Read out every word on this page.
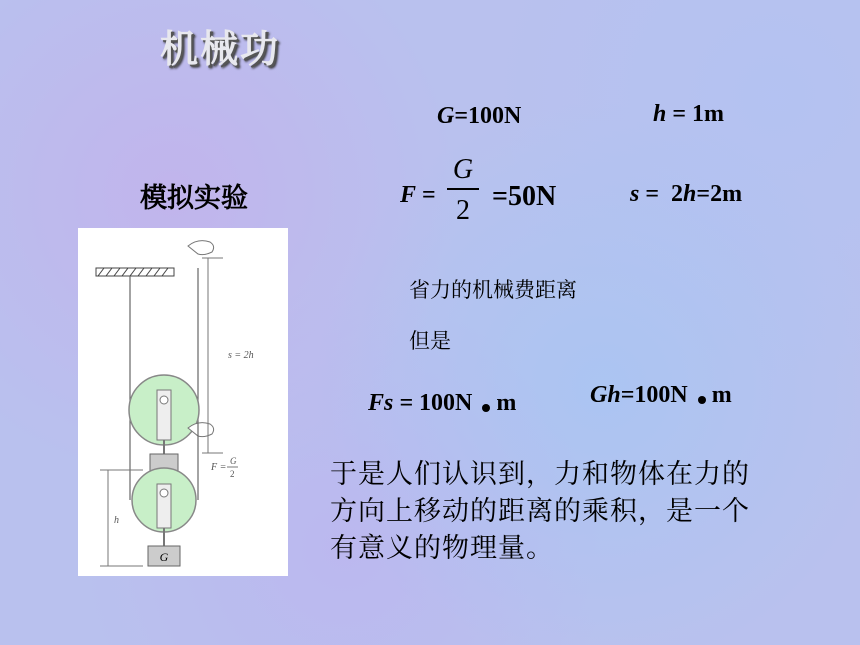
机械功
模拟实验
G=100N	h = 1m
F =
G
2 =50N	s =  2h=2m
省力的机械费距离
但是
Fs = 100N m	Gh=100N m
于是人们认识到，力和物体在力的
方向上移动的距离的乘积，是一个
有意义的物理量。
G
s = 2h
F =
G
2
h
